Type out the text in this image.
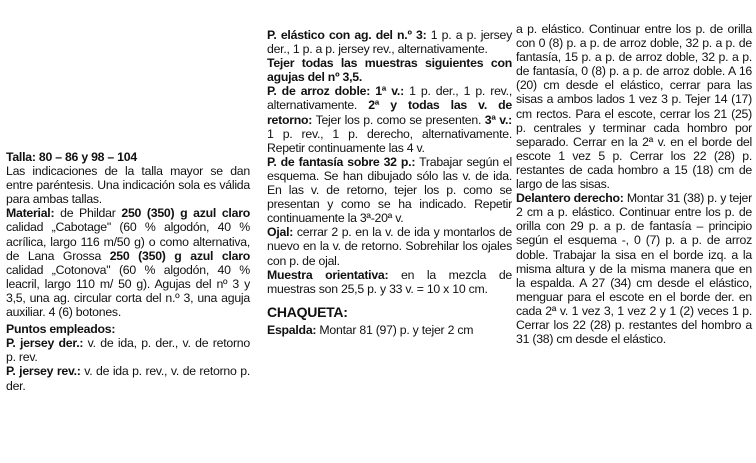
Talla: 80 – 86 y 98 – 104

Las indicaciones de la talla mayor se dan entre paréntesis. Una indicación sola es válida para ambas tallas.

Material: de Phildar 250 (350) g azul claro calidad „Cabotage" (60 % algodón, 40 % acrílica, largo 116 m/50 g) o como alternativa, de Lana Grossa 250 (350) g azul claro calidad „Cotonova" (60 % algodón, 40 % leacril, largo 110 m/ 50 g). Agujas del nº 3 y 3,5, una ag. circular corta del n.º 3, una aguja auxiliar. 4 (6) botones.

Puntos empleados:

P. jersey der.: v. de ida, p. der., v. de retorno p. rev.

P. jersey rev.: v. de ida p. rev., v. de retorno p. der.

P. elástico con ag. del n.º 3: 1 p. a p. jersey der., 1 p. a p. jersey rev., alternativamente.

Tejer todas las muestras siguientes con agujas del nº 3,5.

P. de arroz doble: 1ª v.: 1 p. der., 1 p. rev., alternativamente. 2ª y todas las v. de retorno: Tejer los p. como se presenten. 3ª v.: 1 p. rev., 1 p. derecho, alternativamente. Repetir continuamente las 4 v.

P. de fantasía sobre 32 p.: Trabajar según el esquema. Se han dibujado sólo las v. de ida. En las v. de retorno, tejer los p. como se presentan y como se ha indicado. Repetir continuamente la 3ª-20ª v.

Ojal: cerrar 2 p. en la v. de ida y montarlos de nuevo en la v. de retorno. Sobrehilar los ojales con p. de ojal.

Muestra orientativa: en la mezcla de muestras son 25,5 p. y 33 v. = 10 x 10 cm.

CHAQUETA:

Espalda: Montar 81 (97) p. y tejer 2 cm

a p. elástico. Continuar entre los p. de orilla con 0 (8) p. a p. de arroz doble, 32 p. a p. de fantasía, 15 p. a p. de arroz doble, 32 p. a p. de fantasía, 0 (8) p. a p. de arroz doble. A 16 (20) cm desde el elástico, cerrar para las sisas a ambos lados 1 vez 3 p. Tejer 14 (17) cm rectos. Para el escote, cerrar los 21 (25) p. centrales y terminar cada hombro por separado. Cerrar en la 2ª v. en el borde del escote 1 vez 5 p. Cerrar los 22 (28) p. restantes de cada hombro a 15 (18) cm de largo de las sisas.

Delantero derecho: Montar 31 (38) p. y tejer 2 cm a p. elástico. Continuar entre los p. de orilla con 29 p. a p. de fantasía – principio según el esquema -, 0 (7) p. a p. de arroz doble. Trabajar la sisa en el borde izq. a la misma altura y de la misma manera que en la espalda. A 27 (34) cm desde el elástico, menguar para el escote en el borde der. en cada 2ª v. 1 vez 3, 1 vez 2 y 1 (2) veces 1 p. Cerrar los 22 (28) p. restantes del hombro a 31 (38) cm desde el elástico.
